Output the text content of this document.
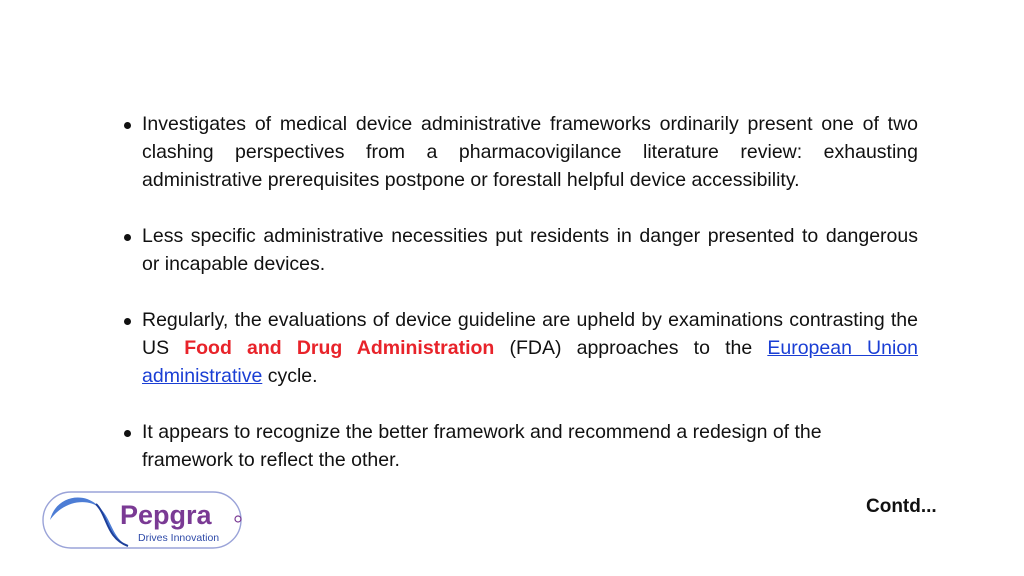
Investigates of medical device administrative frameworks ordinarily present one of two clashing perspectives from a pharmacovigilance literature review: exhausting administrative prerequisites postpone or forestall helpful device accessibility.
Less specific administrative necessities put residents in danger presented to dangerous or incapable devices.
Regularly, the evaluations of device guideline are upheld by examinations contrasting the US Food and Drug Administration (FDA) approaches to the European Union administrative cycle.
It appears to recognize the better framework and recommend a redesign of the framework to reflect the other.
Pepgra
Drives Innovation
Contd...
